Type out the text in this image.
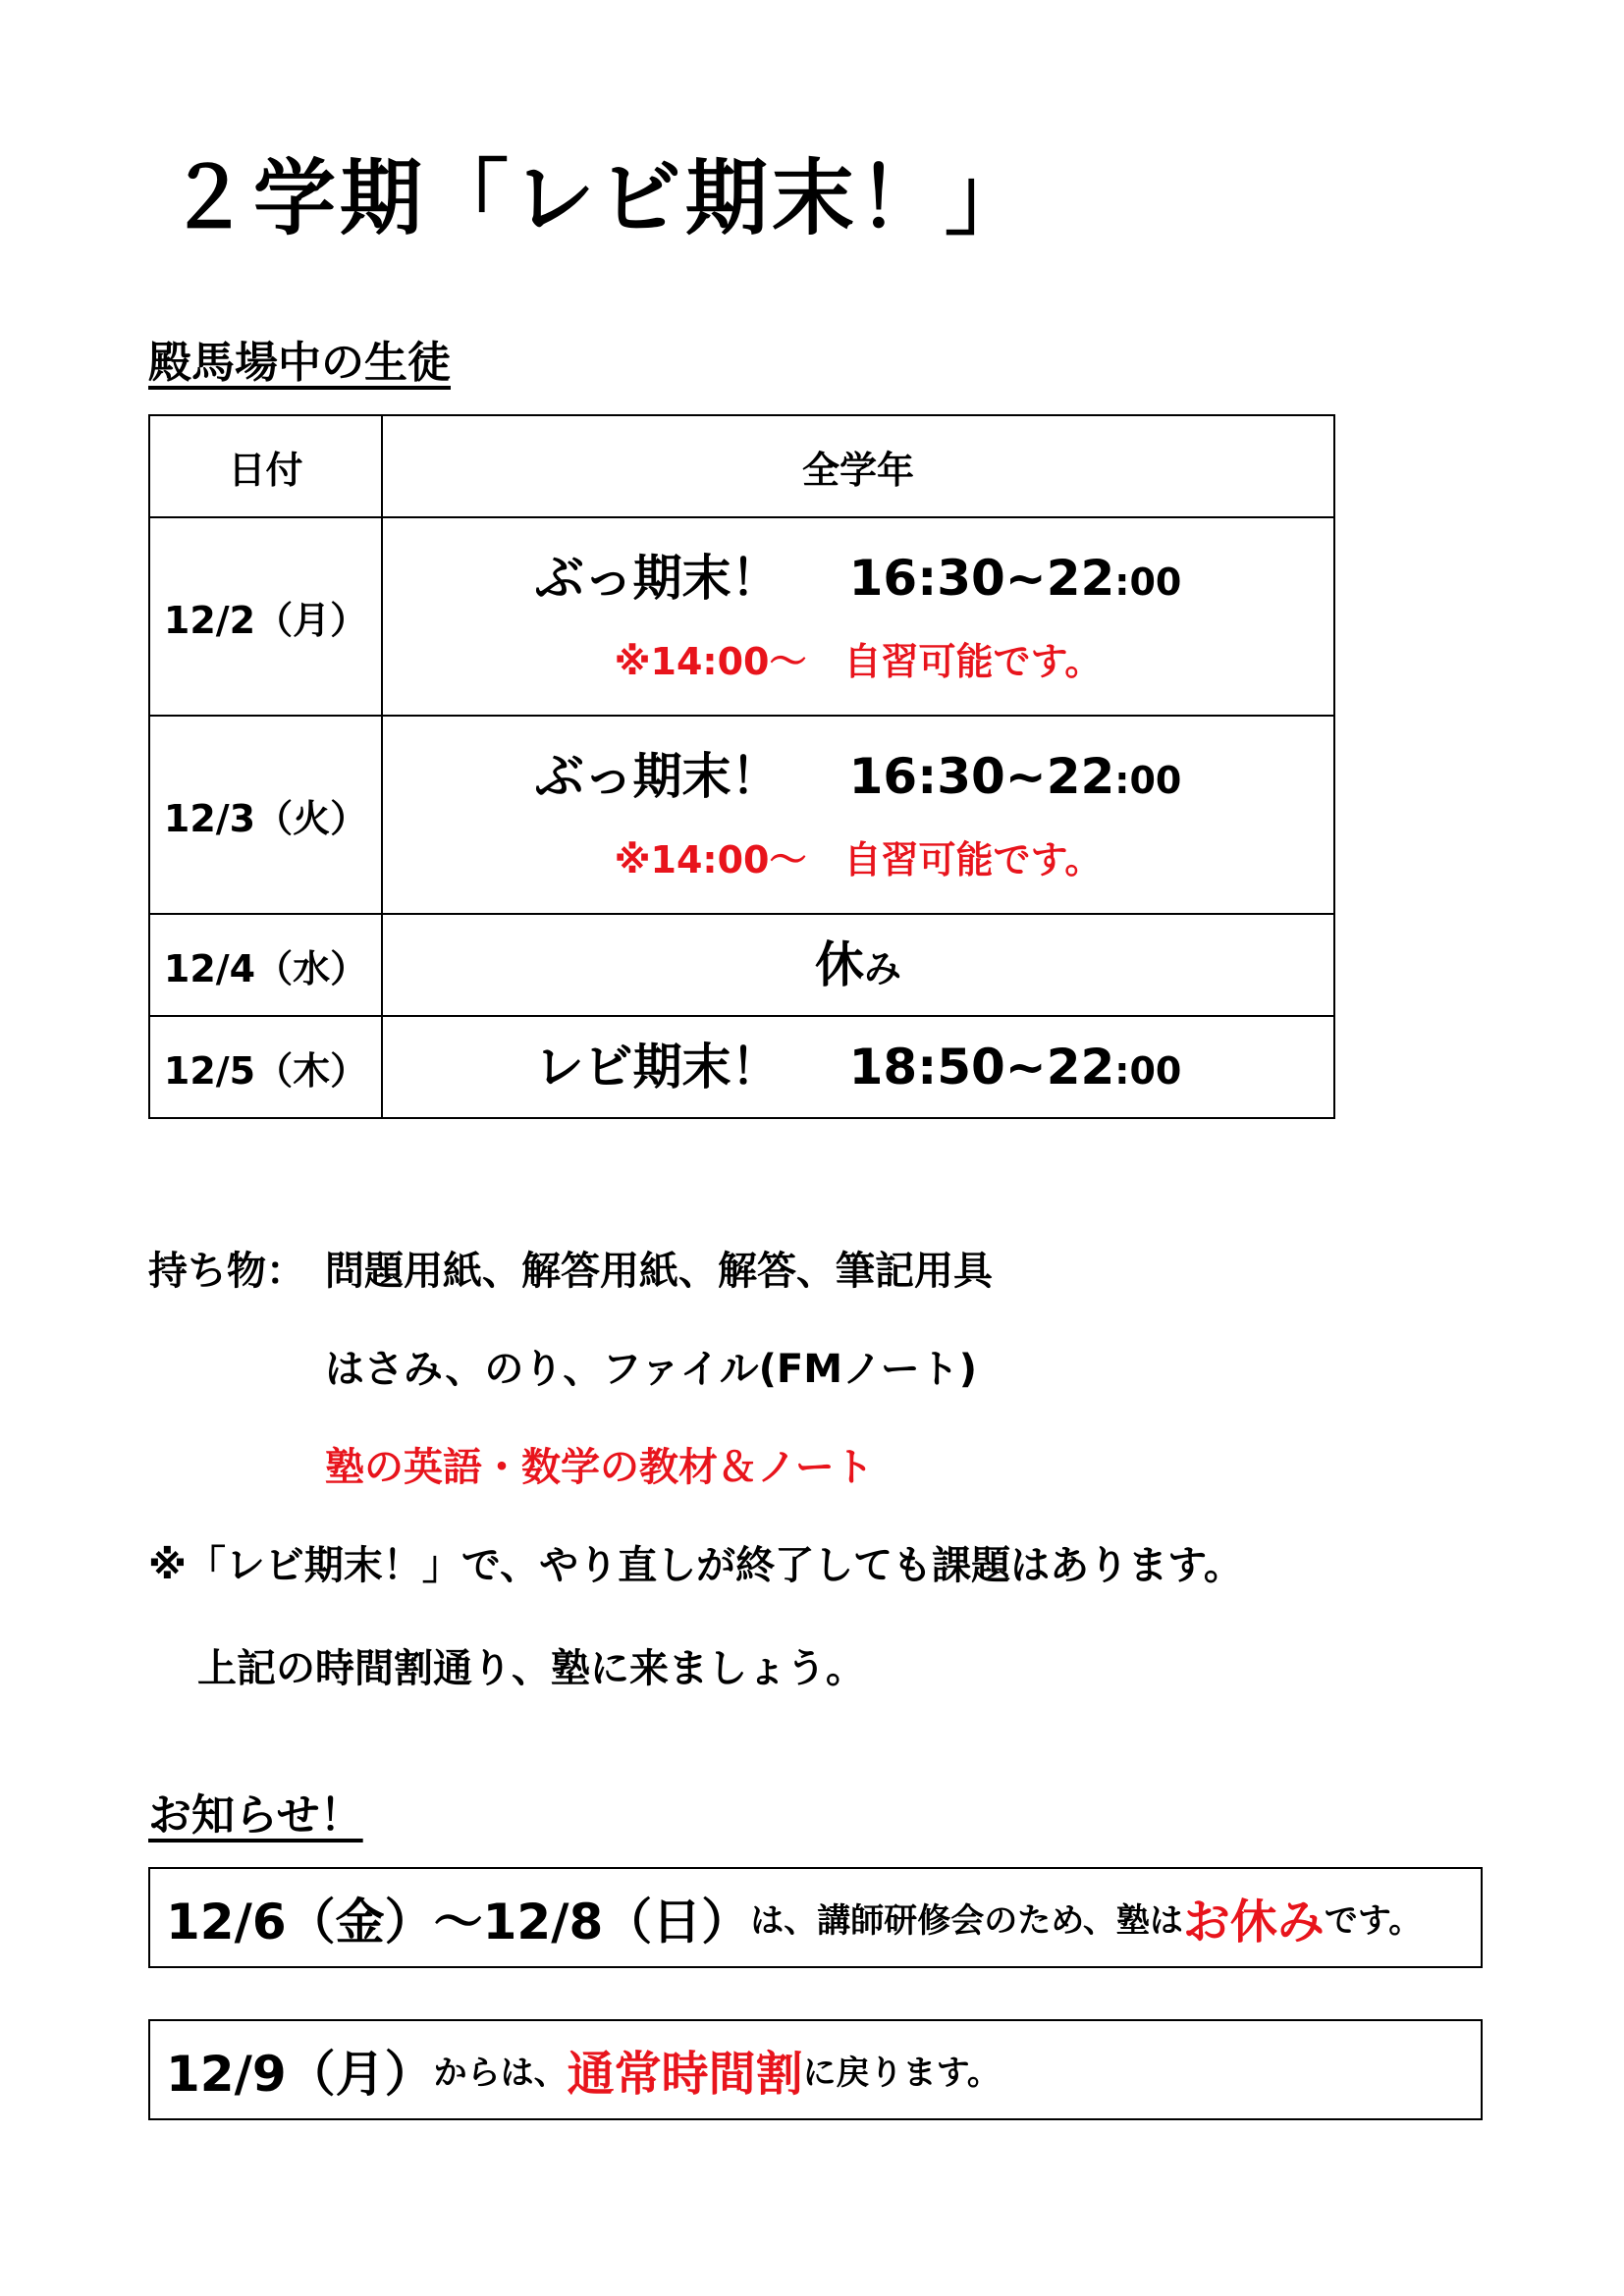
２学期「レビ期末！」
殿馬場中の生徒
日付	全学年
12/2（月）	ぶっ期末！ 16:30~22:00
※14:00～　自習可能です。

12/3（火）	ぶっ期末！ 16:30~22:00
※14:00～　自習可能です。

12/4（水）	休み

12/5（木）	レビ期末！ 18:50~22:00
持ち物： 問題用紙、解答用紙、解答、筆記用具
はさみ、のり、ファイル(FMノート)
塾の英語・数学の教材＆ノート
※「レビ期末！」で、やり直しが終了しても課題はあります。
上記の時間割通り、塾に来ましょう。
お知らせ！
12/6（金）～12/8（日） は、講師研修会のため、塾は お休み です。
12/9（月） からは、 通常時間割 に戻ります。
